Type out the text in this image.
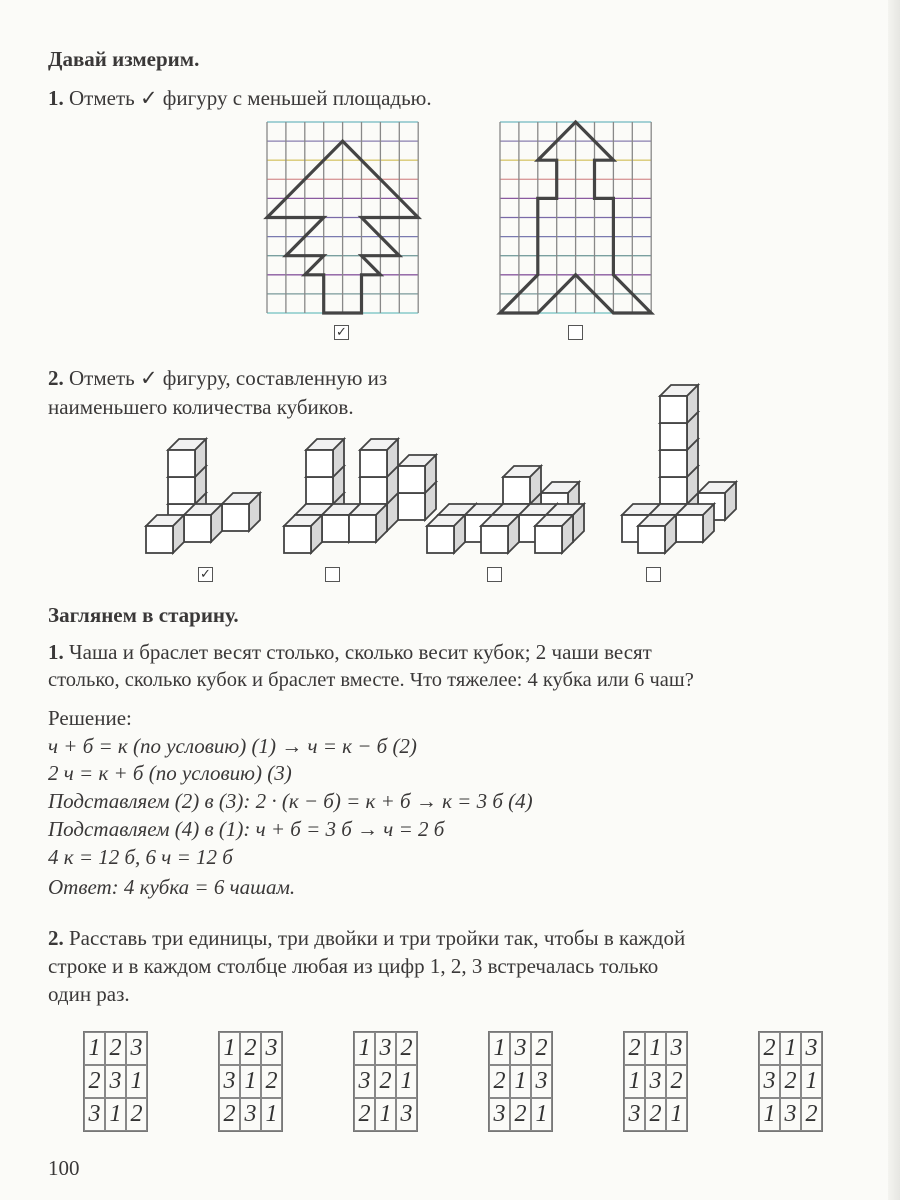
Давай измерим.
1. Отметь ✓ фигуру с меньшей площадью.
✓
2. Отметь ✓ фигуру, составленную из
наименьшего количества кубиков.
✓
Заглянем в старину.
1. Чаша и браслет весят столько, сколько весит кубок; 2 чаши весят
столько, сколько кубок и браслет вместе. Что тяжелее: 4 кубка или 6 чаш?
Решение:
ч + б = к (по условию) (1) → ч = к − б (2)
2 ч = к + б (по условию) (3)
Подставляем (2) в (3): 2 · (к − б) = к + б → к = 3 б (4)
Подставляем (4) в (1): ч + б = 3 б → ч = 2 б
4 к = 12 б, 6 ч = 12 б
Ответ: 4 кубка = 6 чашам.
2. Расставь три единицы, три двойки и три тройки так, чтобы в каждой
строке и в каждом столбце любая из цифр 1, 2, 3 встречалась только
один раз.
1 2 3
2 3 1
3 1 2
1 2 3
3 1 2
2 3 1
1 3 2
3 2 1
2 1 3
1 3 2
2 1 3
3 2 1
2 1 3
1 3 2
3 2 1
2 1 3
3 2 1
1 3 2
100
